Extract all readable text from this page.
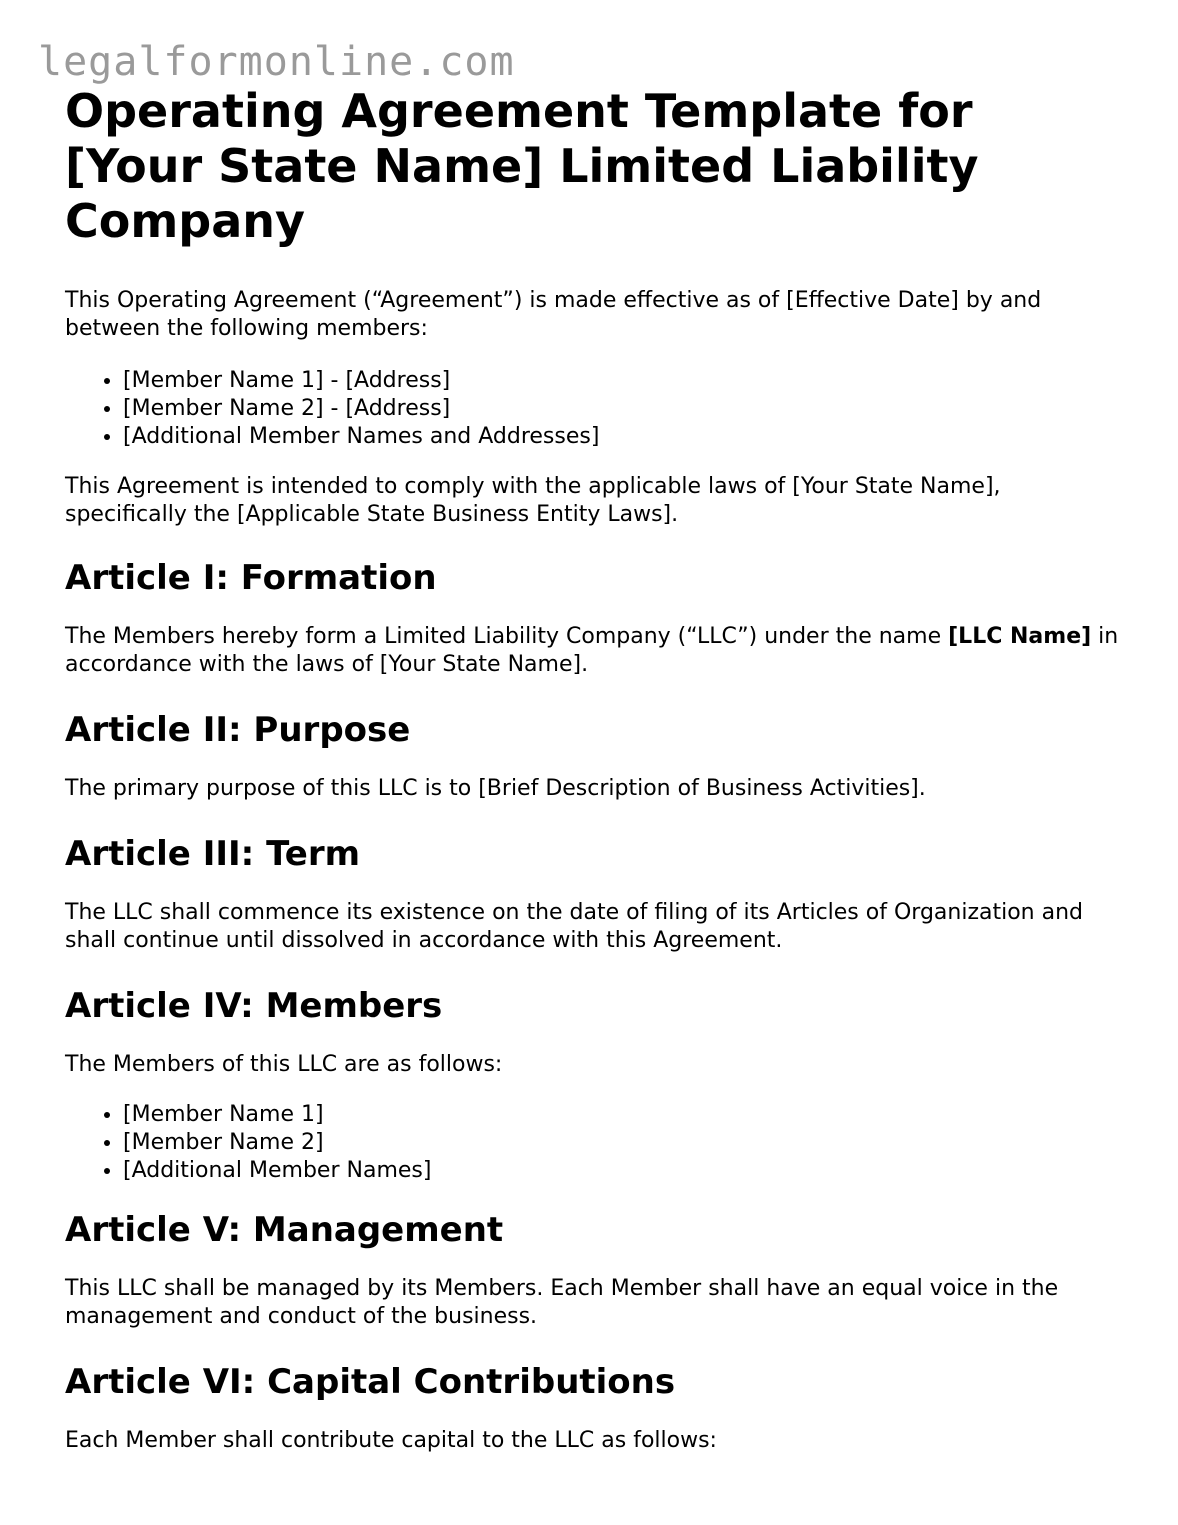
legalformonline.com
Operating Agreement Template for [Your State Name] Limited Liability Company

This Operating Agreement (“Agreement”) is made effective as of [Effective Date] by and between the following members:

• [Member Name 1] - [Address]
• [Member Name 2] - [Address]
• [Additional Member Names and Addresses]

This Agreement is intended to comply with the applicable laws of [Your State Name], specifically the [Applicable State Business Entity Laws].

Article I: Formation

The Members hereby form a Limited Liability Company (“LLC”) under the name [LLC Name] in accordance with the laws of [Your State Name].

Article II: Purpose

The primary purpose of this LLC is to [Brief Description of Business Activities].

Article III: Term

The LLC shall commence its existence on the date of filing of its Articles of Organization and shall continue until dissolved in accordance with this Agreement.

Article IV: Members

The Members of this LLC are as follows:

• [Member Name 1]
• [Member Name 2]
• [Additional Member Names]
Article V: Management

This LLC shall be managed by its Members. Each Member shall have an equal voice in the management and conduct of the business.

Article VI: Capital Contributions

Each Member shall contribute capital to the LLC as follows:
